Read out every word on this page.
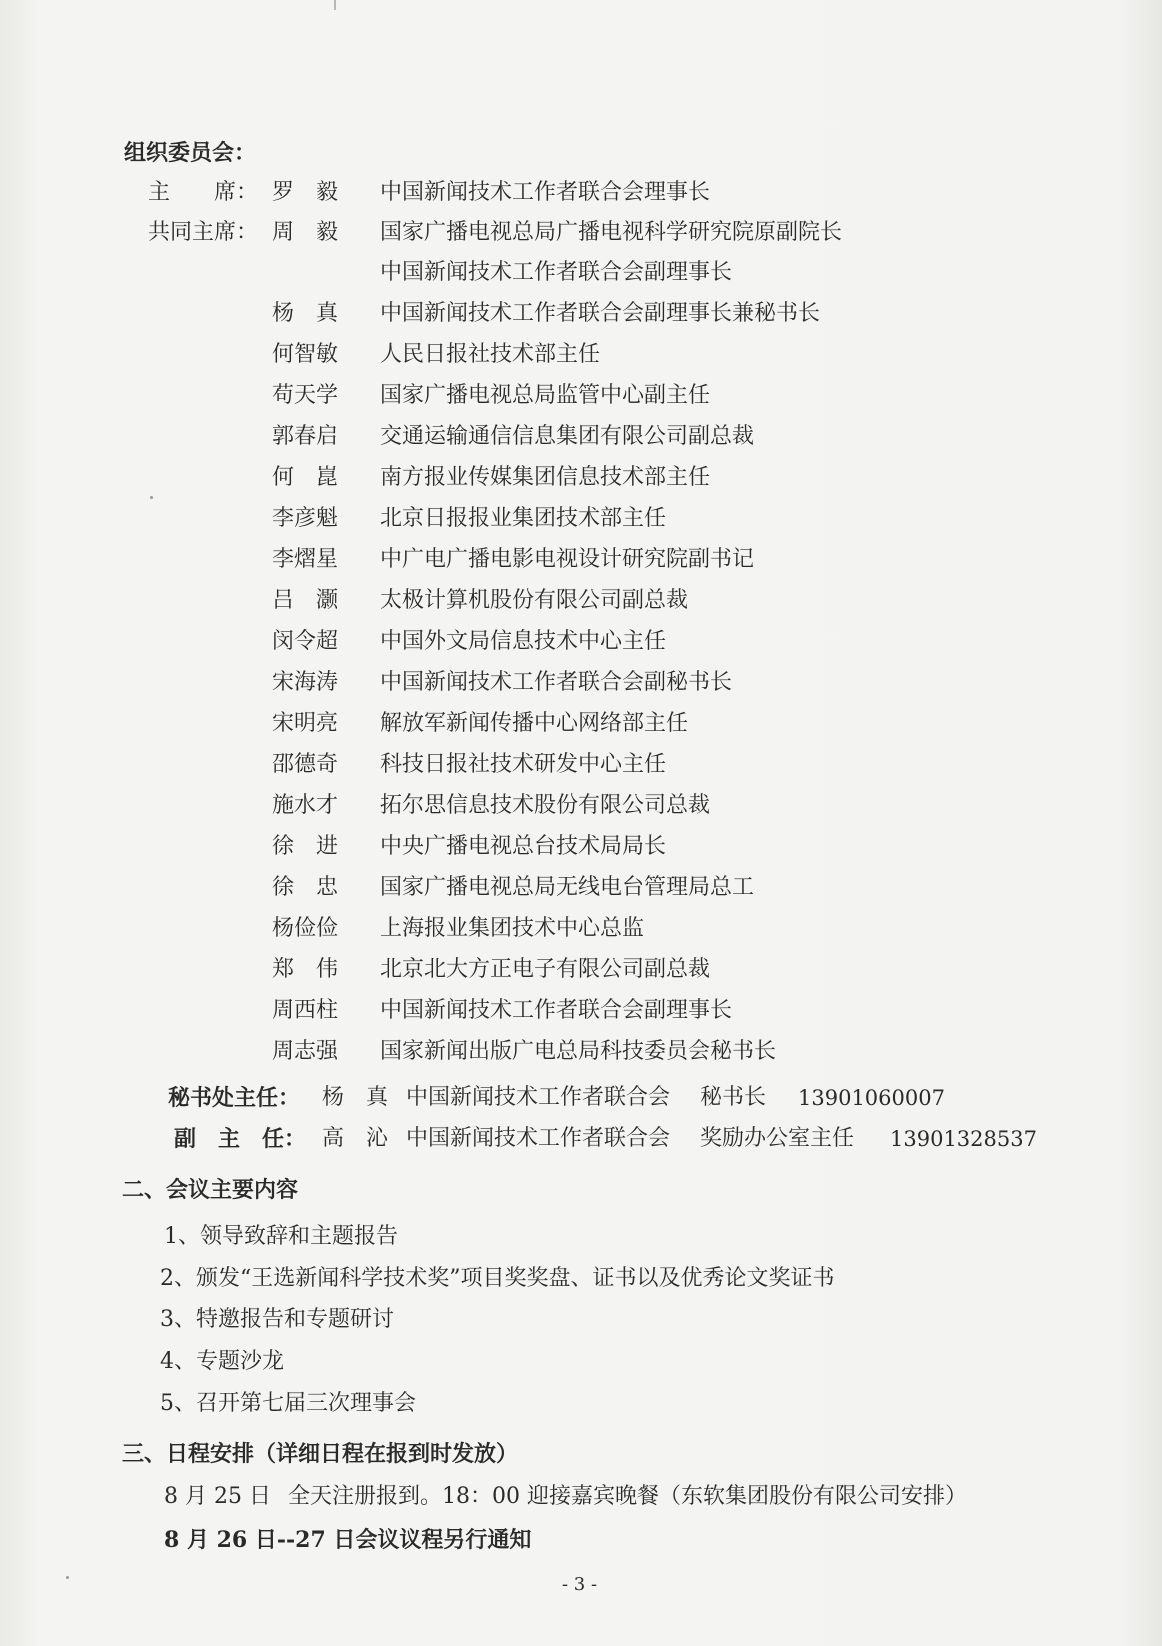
组织委员会：
主　　席： 罗　毅 中国新闻技术工作者联合会理事长
共同主席： 周　毅 国家广播电视总局广播电视科学研究院原副院长
中国新闻技术工作者联合会副理事长
杨　真 中国新闻技术工作者联合会副理事长兼秘书长
何智敏 人民日报社技术部主任
苟天学 国家广播电视总局监管中心副主任
郭春启 交通运输通信信息集团有限公司副总裁
何　崑 南方报业传媒集团信息技术部主任
李彦魁 北京日报报业集团技术部主任
李熠星 中广电广播电影电视设计研究院副书记
吕　灏 太极计算机股份有限公司副总裁
闵令超 中国外文局信息技术中心主任
宋海涛 中国新闻技术工作者联合会副秘书长
宋明亮 解放军新闻传播中心网络部主任
邵德奇 科技日报社技术研发中心主任
施水才 拓尔思信息技术股份有限公司总裁
徐　进 中央广播电视总台技术局局长
徐　忠 国家广播电视总局无线电台管理局总工
杨俭俭 上海报业集团技术中心总监
郑　伟 北京北大方正电子有限公司副总裁
周西柱 中国新闻技术工作者联合会副理事长
周志强 国家新闻出版广电总局科技委员会秘书长
秘书处主任： 杨　真 中国新闻技术工作者联合会 秘书长 13901060007
副　主　任： 高　沁 中国新闻技术工作者联合会 奖励办公室主任 13901328537
二、会议主要内容
1、领导致辞和主题报告
2、颁发“王选新闻科学技术奖”项目奖奖盘、证书以及优秀论文奖证书
3、特邀报告和专题研讨
4、专题沙龙
5、召开第七届三次理事会
三、日程安排（详细日程在报到时发放）
8 月 25 日 全天注册报到。18：00 迎接嘉宾晚餐（东软集团股份有限公司安排）
8 月 26 日--27 日会议议程另行通知
- 3 -
